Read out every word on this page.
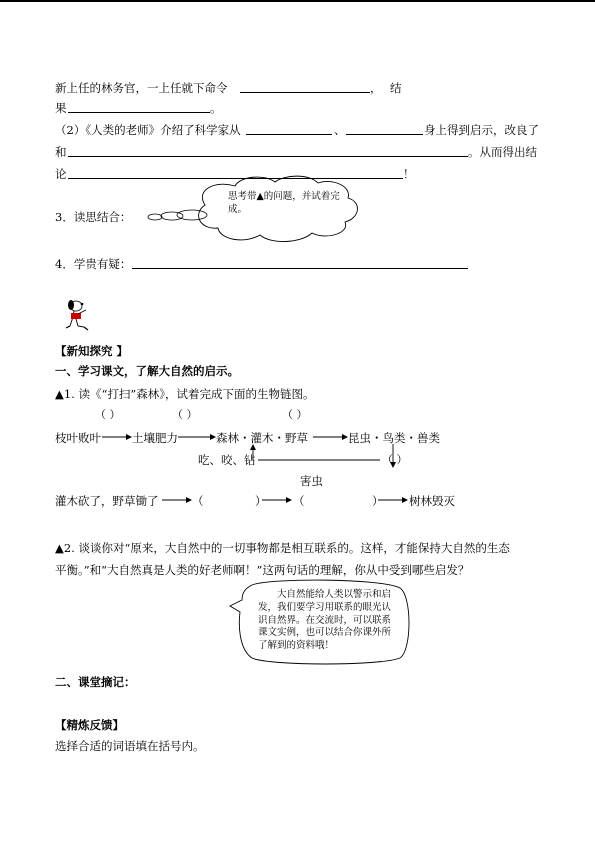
新上任的林务官，一上任就下命令	， 结
果	。
（2）《人类的老师》介绍了科学家从	、	身上得到启示，改良了
和	。从而得出结
论	！
3．读思结合：
思考带▲的问题，并试着完成。
4．学贵有疑：
【新知探究 】
一、学习课文，了解大自然的启示。
▲1. 读《“打扫”森林》，试着完成下面的生物链图。
（ ）	（ ）	（ ）
枝叶败叶	土壤肥力	森林・灌木・野草	昆虫・鸟类・兽类
吃、咬、钻	（ ）
害虫
灌木砍了，野草锄了	（	） （	） 树林毁灭
▲2. 谈谈你对“原来，大自然中的一切事物都是相互联系的。这样，才能保持大自然的生态
平衡。”和“大自然真是人类的好老师啊！”这两句话的理解，你从中受到哪些启发？
大自然能给人类以警示和启发，我们要学习用联系的眼光认识自然界。在交流时，可以联系课文实例，也可以结合你课外所了解到的资料哦！
二、课堂摘记：
【精炼反馈】
选择合适的词语填在括号内。
